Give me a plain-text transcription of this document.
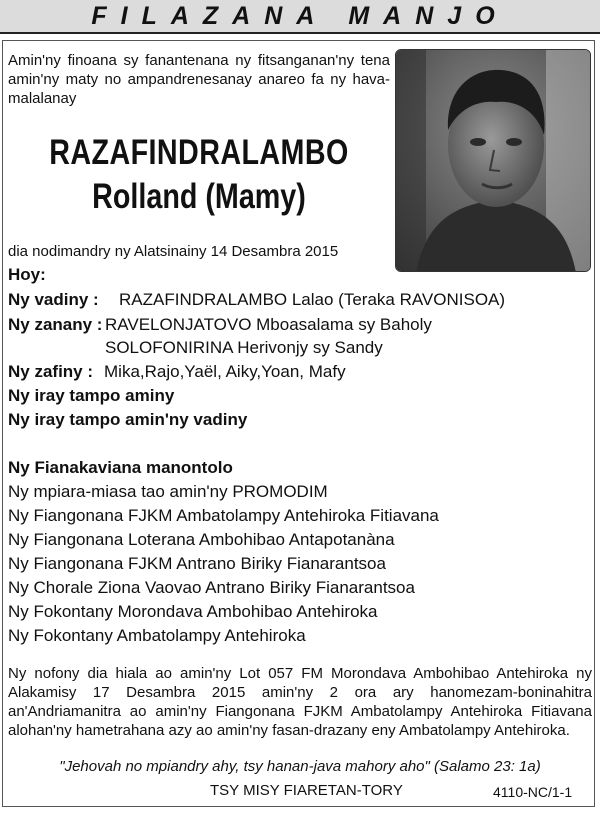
FILAZANA MANJO
Amin'ny finoana sy fanantenana ny fitsanganan'ny tena amin'ny maty no ampandrenesanay anareo fa ny hava-malalanay
RAZAFINDRALAMBO
Rolland (Mamy)
dia nodimandry ny Alatsinainy 14 Desambra 2015
Hoy:
Ny vadiny : RAZAFINDRALAMBO Lalao (Teraka RAVONISOA)
Ny zanany : RAVELONJATOVO Mboasalama sy Baholy
SOLOFONIRINA Herivonjy sy Sandy
Ny zafiny : Mika,Rajo,Yaël, Aiky,Yoan, Mafy
Ny iray tampo aminy
Ny iray tampo amin'ny vadiny
Ny Fianakaviana manontolo
Ny mpiara-miasa tao amin'ny PROMODIM
Ny Fiangonana FJKM Ambatolampy Antehiroka Fitiavana
Ny Fiangonana Loterana Ambohibao Antapotanàna
Ny Fiangonana FJKM Antrano Biriky Fianarantsoa
Ny Chorale Ziona Vaovao Antrano Biriky Fianarantsoa
Ny Fokontany Morondava Ambohibao Antehiroka
Ny Fokontany Ambatolampy Antehiroka
Ny nofony dia hiala ao amin'ny Lot 057 FM Morondava Ambohibao Antehiroka ny Alakamisy 17 Desambra 2015 amin'ny 2 ora ary hanomezam-boninahitra an'Andriamanitra ao amin'ny Fiangonana FJKM Ambatolampy Antehiroka Fitiavana alohan'ny hametrahana azy ao amin'ny fasan-drazany eny Ambatolampy Antehiroka.
"Jehovah no mpiandry ahy, tsy hanan-java mahory aho" (Salamo 23: 1a)
TSY MISY FIARETAN-TORY	4110-NC/1-1
